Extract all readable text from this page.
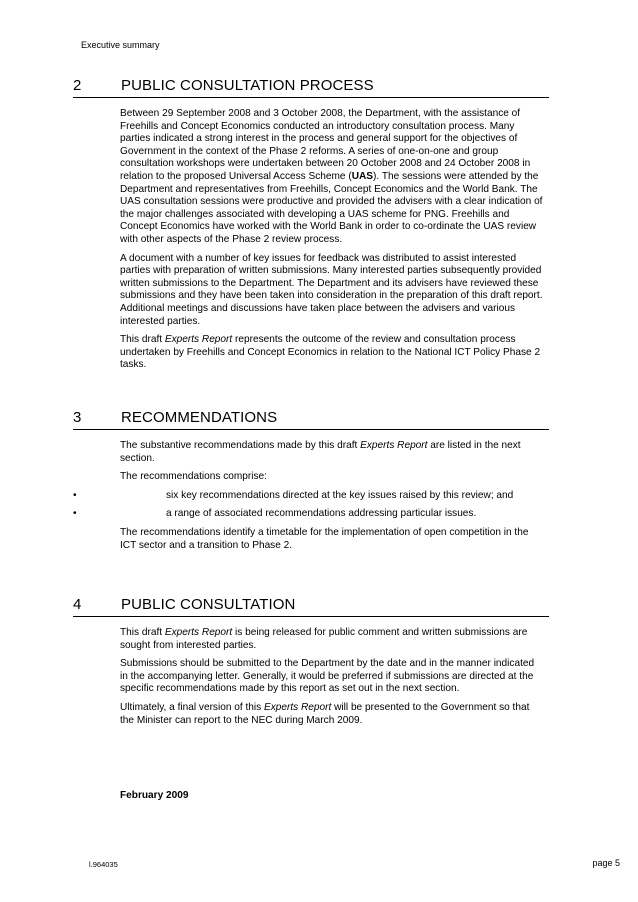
Executive summary
2	PUBLIC CONSULTATION PROCESS

Between 29 September 2008 and 3 October 2008, the Department, with the assistance of Freehills and Concept Economics conducted an introductory consultation process. Many parties indicated a strong interest in the process and general support for the objectives of Government in the context of the Phase 2 reforms. A series of one-on-one and group consultation workshops were undertaken between 20 October 2008 and 24 October 2008 in relation to the proposed Universal Access Scheme (UAS). The sessions were attended by the Department and representatives from Freehills, Concept Economics and the World Bank. The UAS consultation sessions were productive and provided the advisers with a clear indication of the major challenges associated with developing a UAS scheme for PNG. Freehills and Concept Economics have worked with the World Bank in order to co-ordinate the UAS review with other aspects of the Phase 2 review process.

A document with a number of key issues for feedback was distributed to assist interested parties with preparation of written submissions. Many interested parties subsequently provided written submissions to the Department. The Department and its advisers have reviewed these submissions and they have been taken into consideration in the preparation of this draft report. Additional meetings and discussions have taken place between the advisers and various interested parties.

This draft Experts Report represents the outcome of the review and consultation process undertaken by Freehills and Concept Economics in relation to the National ICT Policy Phase 2 tasks.

3	RECOMMENDATIONS

The substantive recommendations made by this draft Experts Report are listed in the next section.

The recommendations comprise:

•	six key recommendations directed at the key issues raised by this review; and
•	a range of associated recommendations addressing particular issues.

The recommendations identify a timetable for the implementation of open competition in the ICT sector and a transition to Phase 2.

4	PUBLIC CONSULTATION

This draft Experts Report is being released for public comment and written submissions are sought from interested parties.

Submissions should be submitted to the Department by the date and in the manner indicated in the accompanying letter. Generally, it would be preferred if submissions are directed at the specific recommendations made by this report as set out in the next section.

Ultimately, a final version of this Experts Report will be presented to the Government so that the Minister can report to the NEC during March 2009.

February 2009
l.964035	page 5
